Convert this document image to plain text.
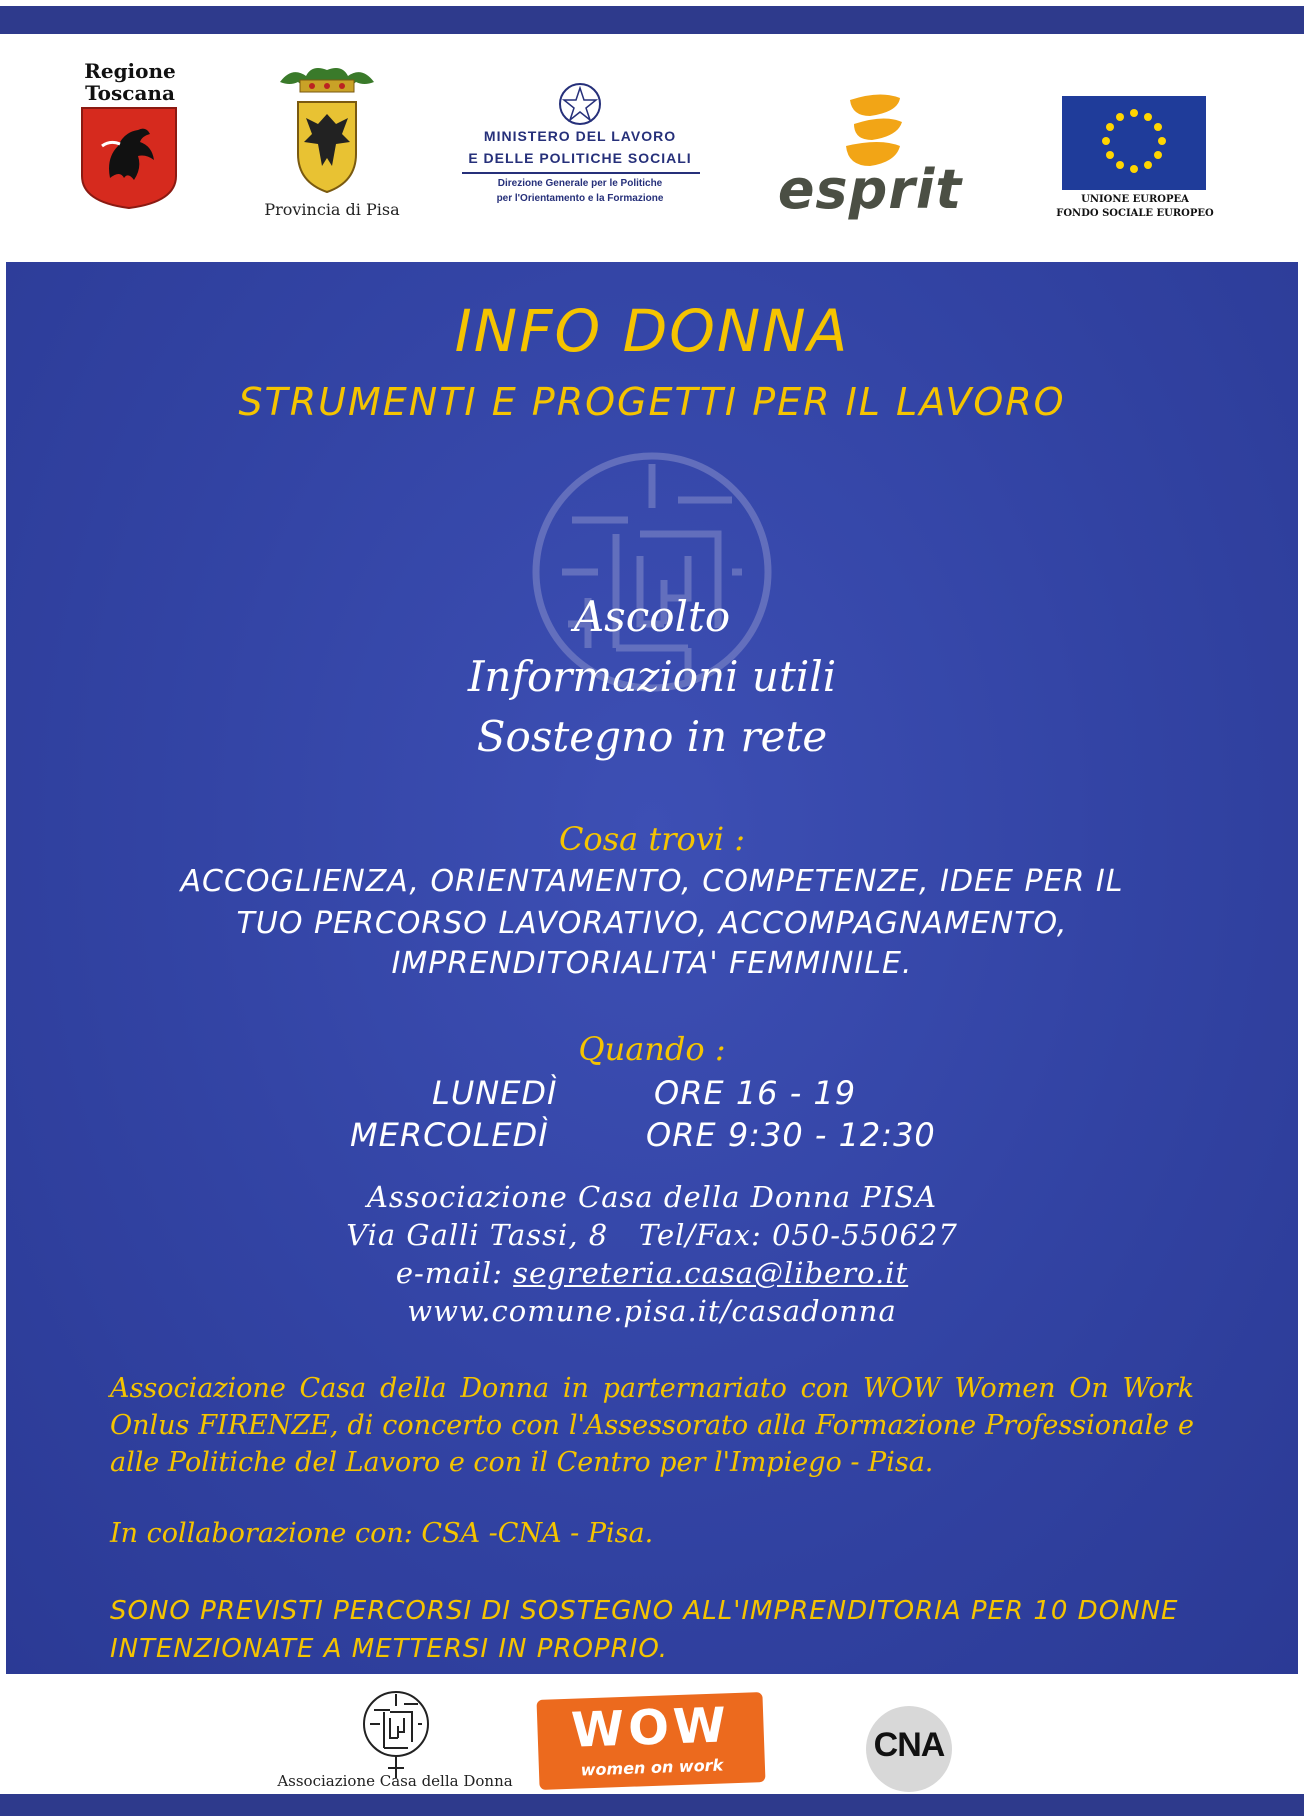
Regione
Toscana
Provincia di Pisa
MINISTERO DEL LAVORO
E DELLE POLITICHE SOCIALI
Direzione Generale per le Politiche
per l'Orientamento e la Formazione	esprit	UNIONE EUROPEA
FONDO SOCIALE EUROPEO
INFO DONNA
STRUMENTI E PROGETTI PER IL LAVORO
Ascolto
Informazioni utili
Sostegno in rete
Cosa trovi :
ACCOGLIENZA, ORIENTAMENTO, COMPETENZE, IDEE PER IL
TUO PERCORSO LAVORATIVO, ACCOMPAGNAMENTO,
IMPRENDITORIALITA' FEMMINILE.
Quando :
LUNEDÌ	ORE 16 - 19
MERCOLEDÌ	ORE 9:30 - 12:30
Associazione Casa della Donna PISA
Via Galli Tassi, 8   Tel/Fax: 050-550627
e-mail: segreteria.casa@libero.it
www.comune.pisa.it/casadonna
Associazione Casa della Donna in parternariato con WOW Women On Work Onlus FIRENZE, di concerto con l'Assessorato alla Formazione Professionale e alle Politiche del Lavoro e con il Centro per l'Impiego - Pisa.
In collaborazione con: CSA -CNA - Pisa.
SONO PREVISTI PERCORSI DI SOSTEGNO ALL'IMPRENDITORIA PER 10 DONNE INTENZIONATE A METTERSI IN PROPRIO.
Associazione Casa della Donna
WOW
women on work
CNA
